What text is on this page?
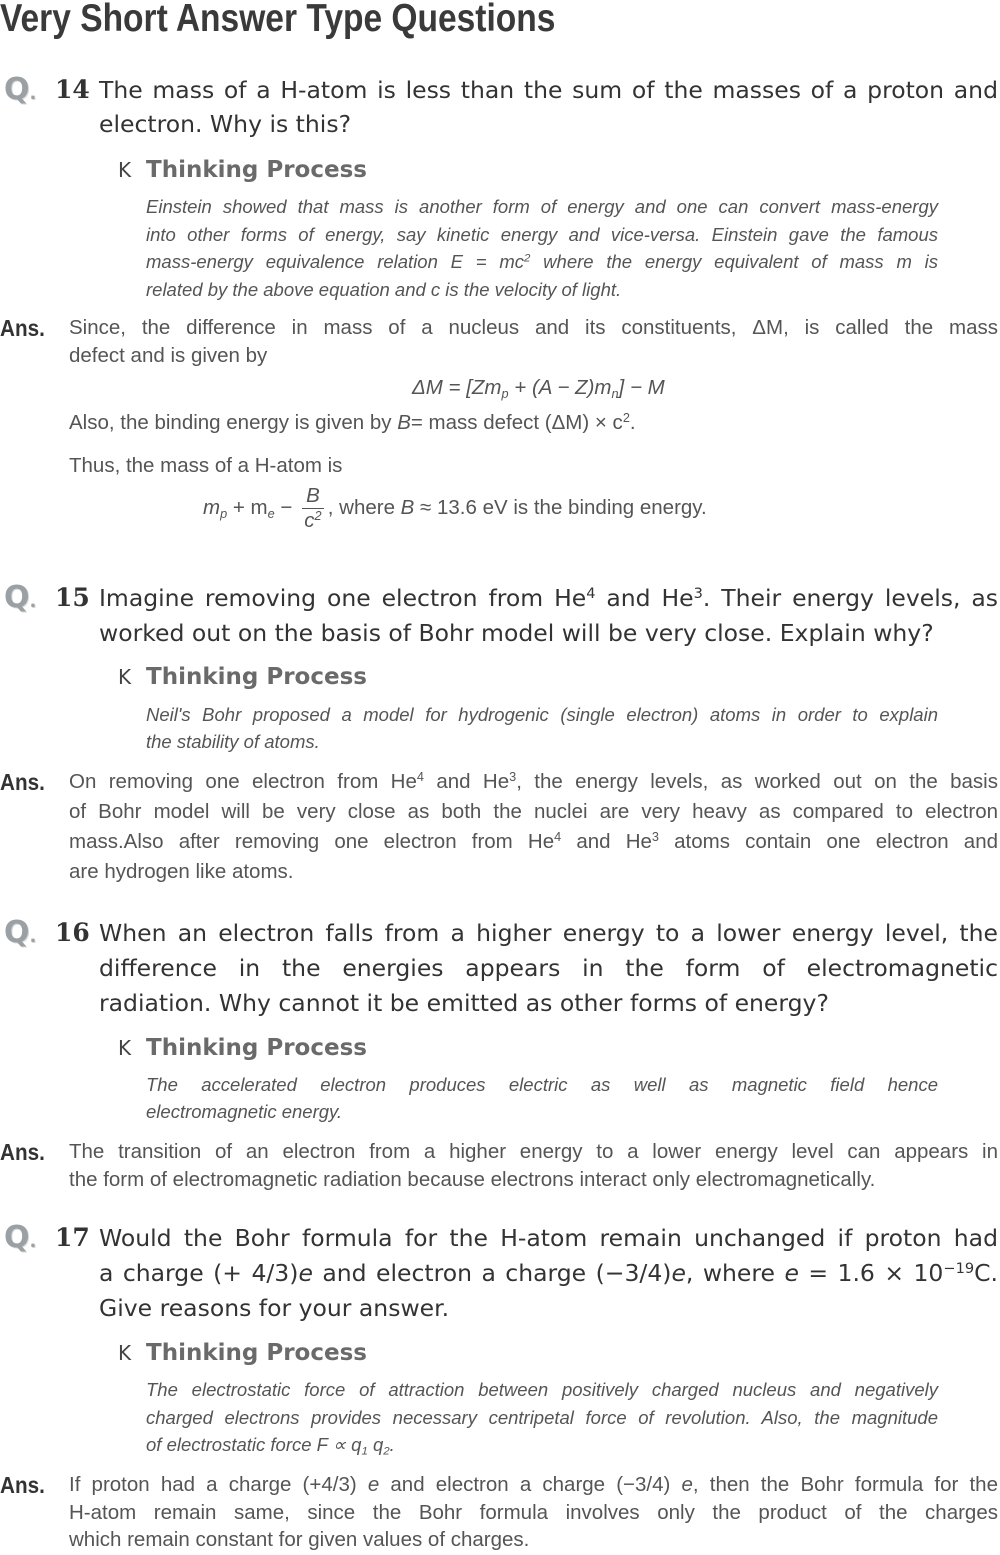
Very Short Answer Type Questions
Q. 14 The mass of a H-atom is less than the sum of the masses of a proton and
electron. Why is this?
K Thinking Process
Einstein showed that mass is another form of energy and one can convert mass-energy
into other forms of energy, say kinetic energy and vice-versa. Einstein gave the famous
mass-energy equivalence relation $E = mc^2$ where the energy equivalent of mass m is
related by the above equation and c is the velocity of light.
Ans. Since, the difference in mass of a nucleus and its constituents, ΔM, is called the mass
defect and is given by
$\Delta M = [Zm_p + (A - Z)m_n] - M$
Also, the binding energy is given by B= mass defect $(\Delta M) \times c^2$.
Thus, the mass of a H-atom is
$m_p + m_e - \frac{B}{c^2}$ , where B ≈ 13.6 eV is the binding energy.
Q. 15 Imagine removing one electron from He$^4$ and He$^3$. Their energy levels, as
worked out on the basis of Bohr model will be very close. Explain why?
K Thinking Process
Neil's Bohr proposed a model for hydrogenic (single electron) atoms in order to explain
the stability of atoms.
Ans. On removing one electron from He$^4$ and He$^3$, the energy levels, as worked out on the basis
of Bohr model will be very close as both the nuclei are very heavy as compared to electron
mass.Also after removing one electron from He$^4$ and He$^3$ atoms contain one electron and
are hydrogen like atoms.
Q. 16 When an electron falls from a higher energy to a lower energy level, the
difference in the energies appears in the form of electromagnetic
radiation. Why cannot it be emitted as other forms of energy?
K Thinking Process
The accelerated electron produces electric as well as magnetic field hence
electromagnetic energy.
Ans. The transition of an electron from a higher energy to a lower energy level can appears in
the form of electromagnetic radiation because electrons interact only electromagnetically.
Q. 17 Would the Bohr formula for the H-atom remain unchanged if proton had
a charge (+ 4/3)e and electron a charge (−3/4)e, where $e = 1.6 \times 10^{-19}C$.
Give reasons for your answer.
K Thinking Process
The electrostatic force of attraction between positively charged nucleus and negatively
charged electrons provides necessary centripetal force of revolution. Also, the magnitude
of electrostatic force $F \propto q_1$ $q_2$.
Ans. If proton had a charge (+4/3) e and electron a charge (−3/4) e, then the Bohr formula for the
H-atom remain same, since the Bohr formula involves only the product of the charges
which remain constant for given values of charges.
